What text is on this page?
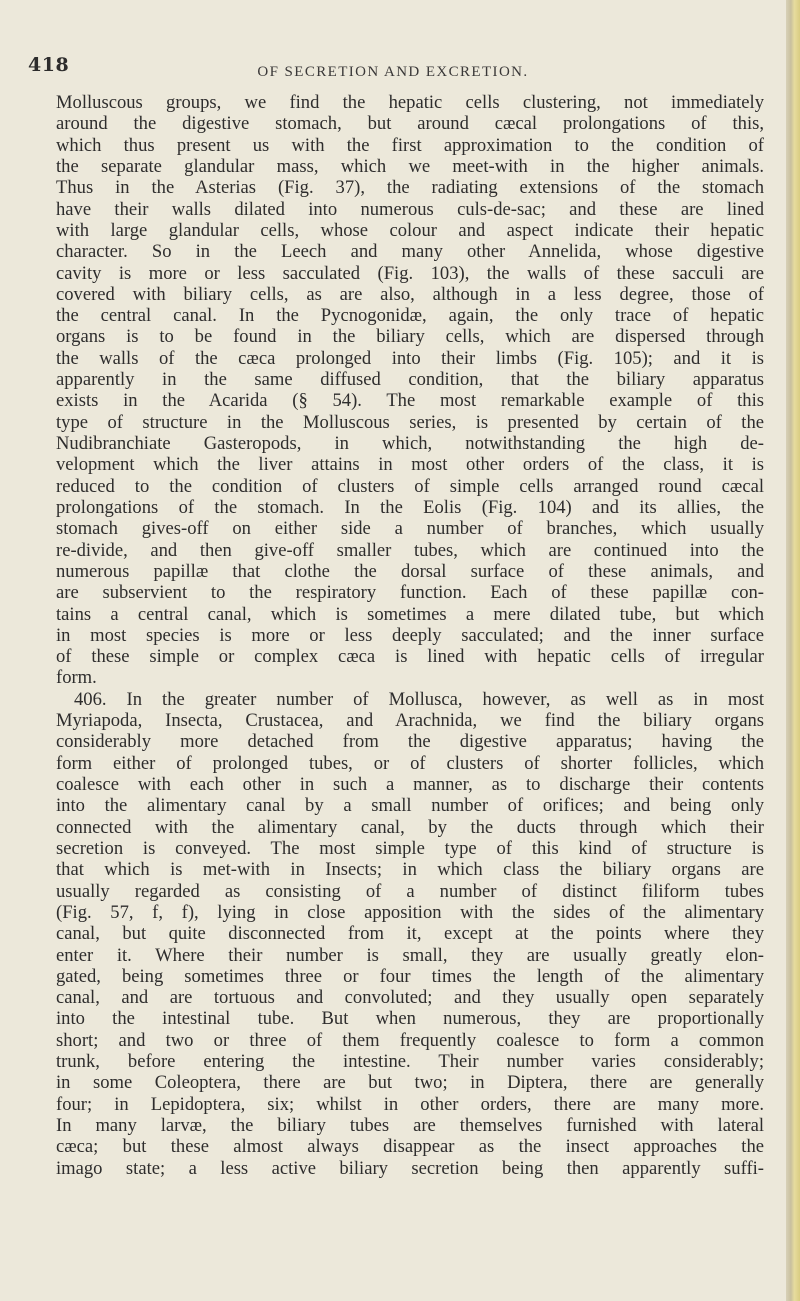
418	OF SECRETION AND EXCRETION.
Molluscous groups, we find the hepatic cells clustering, not immediately
around the digestive stomach, but around cæcal prolongations of this,
which thus present us with the first approximation to the condition of
the separate glandular mass, which we meet-with in the higher animals.
Thus in the Asterias (Fig. 37), the radiating extensions of the stomach
have their walls dilated into numerous culs-de-sac; and these are lined
with large glandular cells, whose colour and aspect indicate their hepatic
character. So in the Leech and many other Annelida, whose digestive
cavity is more or less sacculated (Fig. 103), the walls of these sacculi are
covered with biliary cells, as are also, although in a less degree, those of
the central canal. In the Pycnogonidæ, again, the only trace of hepatic
organs is to be found in the biliary cells, which are dispersed through
the walls of the cæca prolonged into their limbs (Fig. 105); and it is
apparently in the same diffused condition, that the biliary apparatus
exists in the Acarida (§ 54). The most remarkable example of this
type of structure in the Molluscous series, is presented by certain of the
Nudibranchiate Gasteropods, in which, notwithstanding the high de-
velopment which the liver attains in most other orders of the class, it is
reduced to the condition of clusters of simple cells arranged round cæcal
prolongations of the stomach. In the Eolis (Fig. 104) and its allies, the
stomach gives-off on either side a number of branches, which usually
re-divide, and then give-off smaller tubes, which are continued into the
numerous papillæ that clothe the dorsal surface of these animals, and
are subservient to the respiratory function. Each of these papillæ con-
tains a central canal, which is sometimes a mere dilated tube, but which
in most species is more or less deeply sacculated; and the inner surface
of these simple or complex cæca is lined with hepatic cells of irregular
form.
406. In the greater number of Mollusca, however, as well as in most
Myriapoda, Insecta, Crustacea, and Arachnida, we find the biliary organs
considerably more detached from the digestive apparatus; having the
form either of prolonged tubes, or of clusters of shorter follicles, which
coalesce with each other in such a manner, as to discharge their contents
into the alimentary canal by a small number of orifices; and being only
connected with the alimentary canal, by the ducts through which their
secretion is conveyed. The most simple type of this kind of structure is
that which is met-with in Insects; in which class the biliary organs are
usually regarded as consisting of a number of distinct filiform tubes
(Fig. 57, f, f), lying in close apposition with the sides of the alimentary
canal, but quite disconnected from it, except at the points where they
enter it. Where their number is small, they are usually greatly elon-
gated, being sometimes three or four times the length of the alimentary
canal, and are tortuous and convoluted; and they usually open separately
into the intestinal tube. But when numerous, they are proportionally
short; and two or three of them frequently coalesce to form a common
trunk, before entering the intestine. Their number varies considerably;
in some Coleoptera, there are but two; in Diptera, there are generally
four; in Lepidoptera, six; whilst in other orders, there are many more.
In many larvæ, the biliary tubes are themselves furnished with lateral
cæca; but these almost always disappear as the insect approaches the
imago state; a less active biliary secretion being then apparently suffi-
